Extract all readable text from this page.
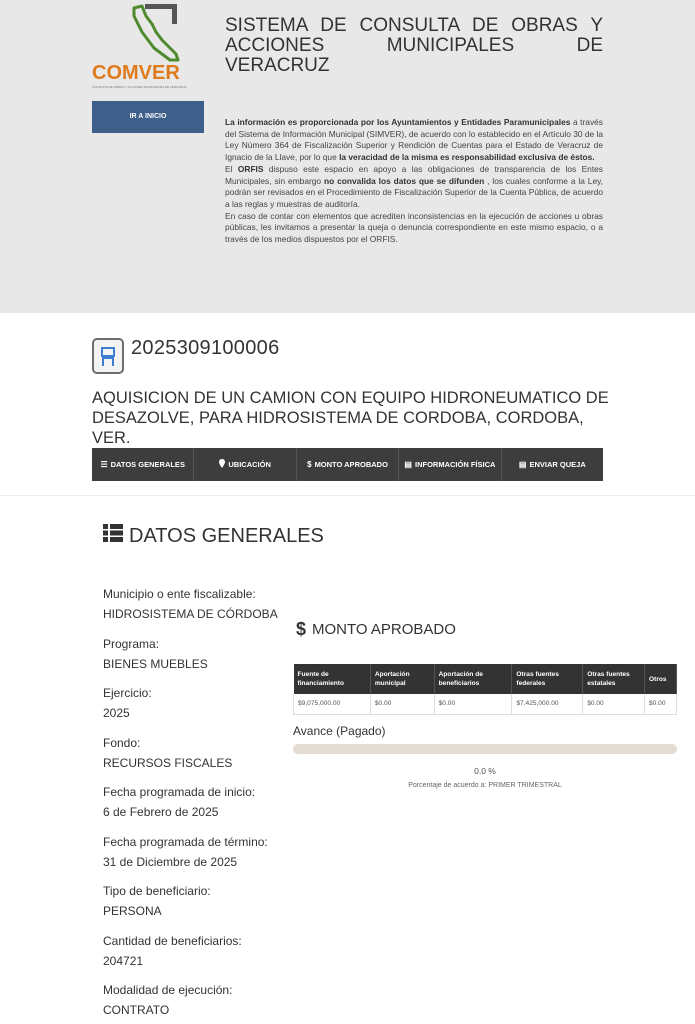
COMVER
CONSULTA DE OBRAS Y ACCIONES MUNICIPALES DE VERACRUZ
IR A INICIO
SISTEMA DE CONSULTA DE OBRAS Y
ACCIONES MUNICIPALES DE
VERACRUZ

La información es proporcionada por los Ayuntamientos y Entidades Paramunicipales a través del Sistema de Información Municipal (SIMVER), de acuerdo con lo establecido en el Artículo 30 de la Ley Número 364 de Fiscalización Superior y Rendición de Cuentas para el Estado de Veracruz de Ignacio de la Llave, por lo que la veracidad de la misma es responsabilidad exclusiva de éstos.

El ORFIS dispuso este espacio en apoyo a las obligaciones de transparencia de los Entes Municipales, sin embargo no convalida los datos que se difunden , los cuales conforme a la Ley, podrán ser revisados en el Procedimiento de Fiscalización Superior de la Cuenta Pública, de acuerdo a las reglas y muestras de auditoría.

En caso de contar con elementos que acrediten inconsistencias en la ejecución de acciones u obras públicas, les invitamos a presentar la queja o denuncia correspondiente en este mismo espacio, o a través de los medios dispuestos por el ORFIS.

2025309100006
AQUISICION DE UN CAMION CON EQUIPO HIDRONEUMATICO DE DESAZOLVE, PARA HIDROSISTEMA DE CORDOBA, CORDOBA, VER.
☰ DATOS GENERALES	UBICACIÓN	$ MONTO APROBADO ▤ INFORMACIÓN FÍSICA	▤ ENVIAR QUEJA
DATOS GENERALES
Municipio o ente fiscalizable:
HIDROSISTEMA DE CÓRDOBA
Programa:
BIENES MUEBLES
Ejercicio:
2025
Fondo:
RECURSOS FISCALES
Fecha programada de inicio:
6 de Febrero de 2025
Fecha programada de término:
31 de Diciembre de 2025
Tipo de beneficiario:
PERSONA
Cantidad de beneficiarios:
204721
Modalidad de ejecución:
CONTRATO
$ MONTO APROBADO
Fuente de financiamiento	Aportación municipal	Aportación de beneficiarios	Otras fuentes federales	Otras fuentes estatales	Otros
$9,075,000.00	$0.00	$0.00	$7,425,000.00	$0.00	$0.00
Avance (Pagado)
0.0 %
Porcentaje de acuerdo a: PRIMER TRIMESTRAL
